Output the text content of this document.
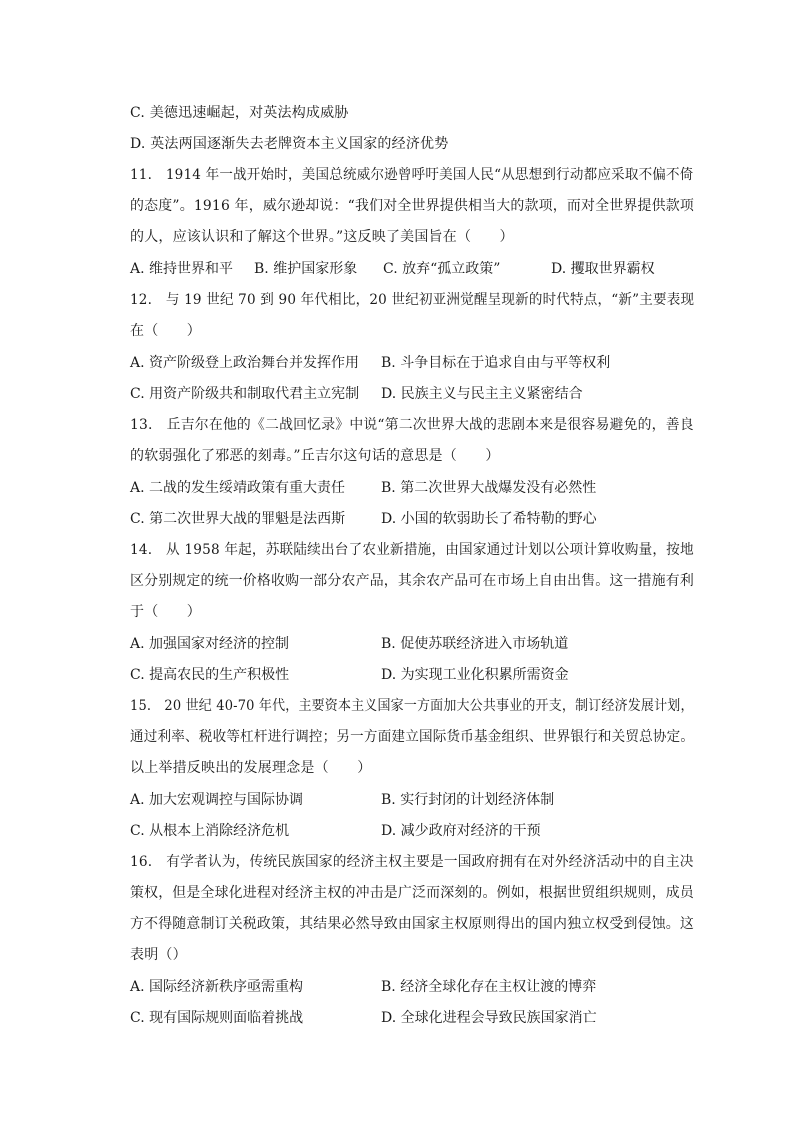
C. 美德迅速崛起，对英法构成威胁
D. 英法两国逐渐失去老牌资本主义国家的经济优势
11.　1914 年一战开始时，美国总统威尔逊曾呼吁美国人民“从思想到行动都应采取不偏不倚
的态度”。1916 年，威尔逊却说：“我们对全世界提供相当大的款项，而对全世界提供款项
的人，应该认识和了解这个世界。”这反映了美国旨在（　　）
A. 维持世界和平 B. 维护国家形象 C. 放弃“孤立政策”	D. 攫取世界霸权
12.　与 19 世纪 70 到 90 年代相比，20 世纪初亚洲觉醒呈现新的时代特点，“新”主要表现
在（　　）
A. 资产阶级登上政治舞台并发挥作用 B. 斗争目标在于追求自由与平等权利
C. 用资产阶级共和制取代君主立宪制 D. 民族主义与民主主义紧密结合
13.　丘吉尔在他的《二战回忆录》中说“第二次世界大战的悲剧本来是很容易避免的，善良
的软弱强化了邪恶的刻毒。”丘吉尔这句话的意思是（　　）
A. 二战的发生绥靖政策有重大责任	B. 第二次世界大战爆发没有必然性
C. 第二次世界大战的罪魁是法西斯	D. 小国的软弱助长了希特勒的野心
14.　从 1958 年起，苏联陆续出台了农业新措施，由国家通过计划以公项计算收购量，按地
区分别规定的统一价格收购一部分农产品，其余农产品可在市场上自由出售。这一措施有利
于（　　）
A. 加强国家对经济的控制	B. 促使苏联经济进入市场轨道
C. 提高农民的生产积极性	D. 为实现工业化积累所需资金
15.　20 世纪 40-70 年代，主要资本主义国家一方面加大公共事业的开支，制订经济发展计划，
通过利率、税收等杠杆进行调控；另一方面建立国际货币基金组织、世界银行和关贸总协定。
以上举措反映出的发展理念是（　　）
A. 加大宏观调控与国际协调	B. 实行封闭的计划经济体制
C. 从根本上消除经济危机	D. 减少政府对经济的干预
16.　有学者认为，传统民族国家的经济主权主要是一国政府拥有在对外经济活动中的自主决
策权，但是全球化进程对经济主权的冲击是广泛而深刻的。例如，根据世贸组织规则，成员
方不得随意制订关税政策，其结果必然导致由国家主权原则得出的国内独立权受到侵蚀。这
表明（）
A. 国际经济新秩序亟需重构	B. 经济全球化存在主权让渡的博弈
C. 现有国际规则面临着挑战	D. 全球化进程会导致民族国家消亡
